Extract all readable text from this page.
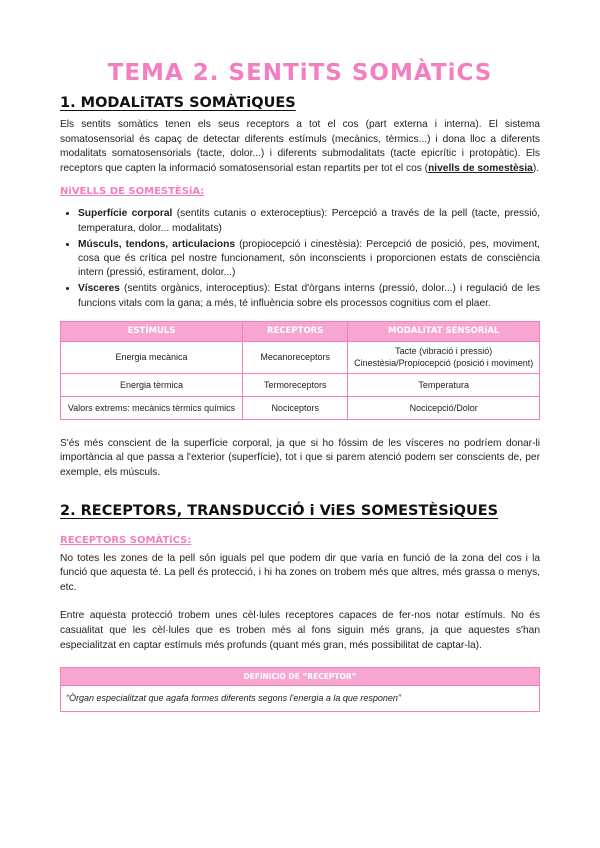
TEMA 2. SENTiTS SOMÀTiCS
1. MODALiTATS SOMÀTiQUES

Els sentits somàtics tenen els seus receptors a tot el cos (part externa i interna). El sistema somatosensorial és capaç de detectar diferents estímuls (mecànics, tèrmics...) i dona lloc a diferents modalitats somatosensorials (tacte, dolor...) i diferents submodalitats (tacte epicrític i protopàtic). Els receptors que capten la informació somatosensorial estan repartits per tot el cos (nivells de somestèsia).

NiVELLS DE SOMESTÈSiA:
• Superfície corporal (sentits cutanis o exteroceptius): Percepció a través de la pell (tacte, pressió, temperatura, dolor... modalitats)
• Músculs, tendons, articulacions (propiocepció i cinestèsia): Percepció de posició, pes, moviment, cosa que és crítica pel nostre funcionament, són inconscients i proporcionen estats de consciència intern (pressió, estirament, dolor...)
• Vísceres (sentits orgànics, interoceptius): Estat d'òrgans interns (pressió, dolor...) i regulació de les funcions vitals com la gana; a més, té influència sobre els processos cognitius com el plaer.
ESTÍMULS	RECEPTORS	MODALiTAT SENSORiAL
Energia mecànica	Mecanoreceptors	Tacte (vibració i pressió)
Cinestèsia/Propiocepció (posició i moviment)

Energia tèrmica	Termoreceptors	Temperatura
Valors extrems: mecànics tèrmics químics	Nociceptors	Nocicepció/Dolor

S'és més conscient de la superfície corporal, ja que si ho fóssim de les vísceres no podríem donar-li importància al que passa a l'exterior (superfície), tot i que si parem atenció podem ser conscients de, per exemple, els músculs.

2. RECEPTORS, TRANSDUCCiÓ i ViES SOMESTÈSiQUES
RECEPTORS SOMÀTiCS:

No totes les zones de la pell són iguals pel que podem dir que varia en funció de la zona del cos i la funció que aquesta té. La pell és protecció, i hi ha zones on trobem més que altres, més grassa o menys, etc.

Entre aquesta protecció trobem unes cèl·lules receptores capaces de fer-nos notar estímuls. No és casualitat que les cèl·lules que es troben més al fons siguin més grans, ja que aquestes s'han especialitzat en captar estímuls més profunds (quant més gran, més possibilitat de captar-la).

DEFiNiCiÓ DE “RECEPTOR”
“Òrgan especialitzat que agafa formes diferents segons l'energia a la que responen”
